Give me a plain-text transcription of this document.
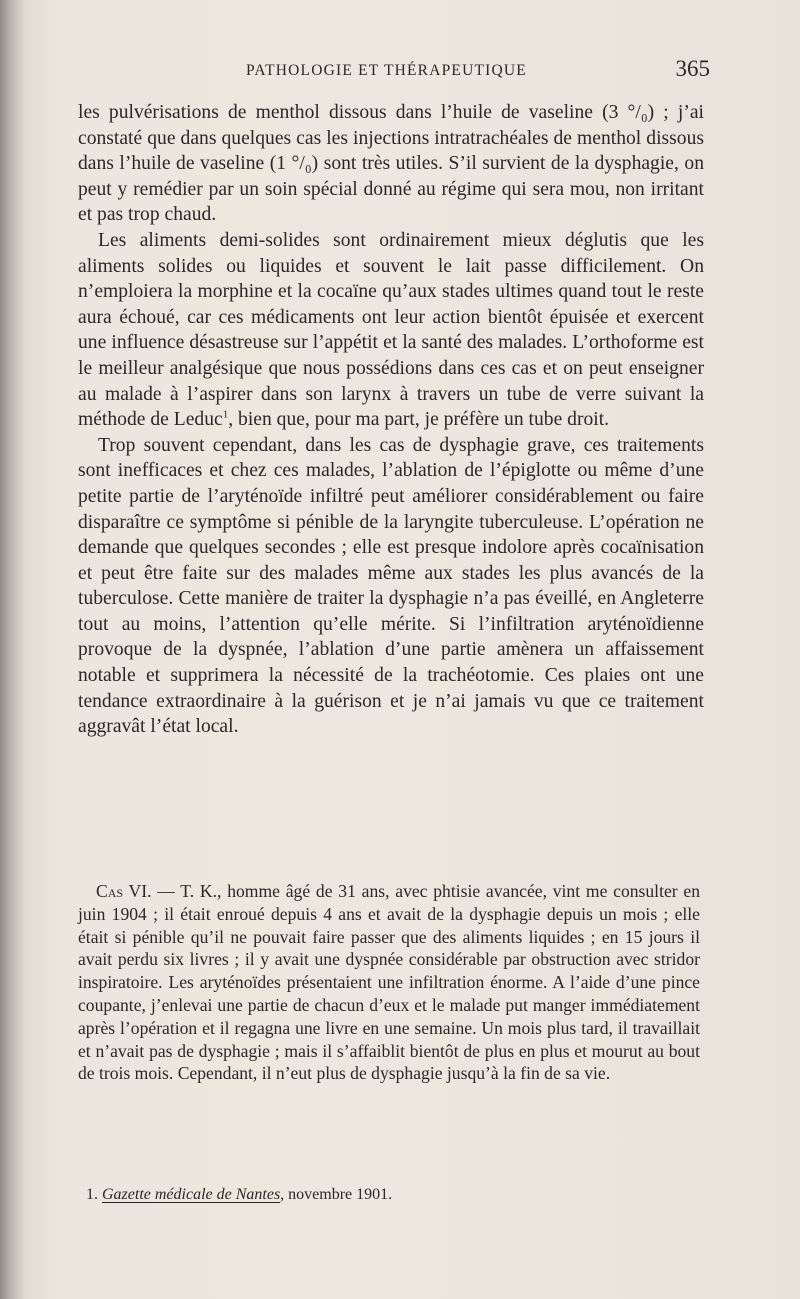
PATHOLOGIE ET THÉRAPEUTIQUE	365

les pulvérisations de menthol dissous dans l’huile de vaseline (3 °/₀) ; j’ai constaté que dans quelques cas les injections intratrachéales de menthol dissous dans l’huile de vaseline (1 °/₀) sont très utiles. S’il survient de la dysphagie, on peut y remédier par un soin spécial donné au régime qui sera mou, non irritant et pas trop chaud.

Les aliments demi-solides sont ordinairement mieux déglutis que les aliments solides ou liquides et souvent le lait passe difficilement. On n’emploiera la morphine et la cocaïne qu’aux stades ultimes quand tout le reste aura échoué, car ces médicaments ont leur action bientôt épuisée et exercent une influence désastreuse sur l’appétit et la santé des malades. L’orthoforme est le meilleur analgésique que nous possédions dans ces cas et on peut enseigner au malade à l’aspirer dans son larynx à travers un tube de verre suivant la méthode de Leduc$^1$, bien que, pour ma part, je préfère un tube droit.

Trop souvent cependant, dans les cas de dysphagie grave, ces traitements sont inefficaces et chez ces malades, l’ablation de l’épiglotte ou même d’une petite partie de l’aryténoïde infiltré peut améliorer considérablement ou faire disparaître ce symptôme si pénible de la laryngite tuberculeuse. L’opération ne demande que quelques secondes ; elle est presque indolore après cocaïnisation et peut être faite sur des malades même aux stades les plus avancés de la tuberculose. Cette manière de traiter la dysphagie n’a pas éveillé, en Angleterre tout au moins, l’attention qu’elle mérite. Si l’infiltration aryténoïdienne provoque de la dyspnée, l’ablation d’une partie amènera un affaissement notable et supprimera la nécessité de la trachéotomie. Ces plaies ont une tendance extraordinaire à la guérison et je n’ai jamais vu que ce traitement aggravât l’état local.

Cas VI. — T. K., homme âgé de 31 ans, avec phtisie avancée, vint me consulter en juin 1904 ; il était enroué depuis 4 ans et avait de la dysphagie depuis un mois ; elle était si pénible qu’il ne pouvait faire passer que des aliments liquides ; en 15 jours il avait perdu six livres ; il y avait une dyspnée considérable par obstruction avec stridor inspiratoire. Les aryténoïdes présentaient une infiltration énorme. A l’aide d’une pince coupante, j’enlevai une partie de chacun d’eux et le malade put manger immédiatement après l’opération et il regagna une livre en une semaine. Un mois plus tard, il travaillait et n’avait pas de dysphagie ; mais il s’affaiblit bientôt de plus en plus et mourut au bout de trois mois. Cependant, il n’eut plus de dysphagie jusqu’à la fin de sa vie.

1. Gazette médicale de Nantes, novembre 1901.
